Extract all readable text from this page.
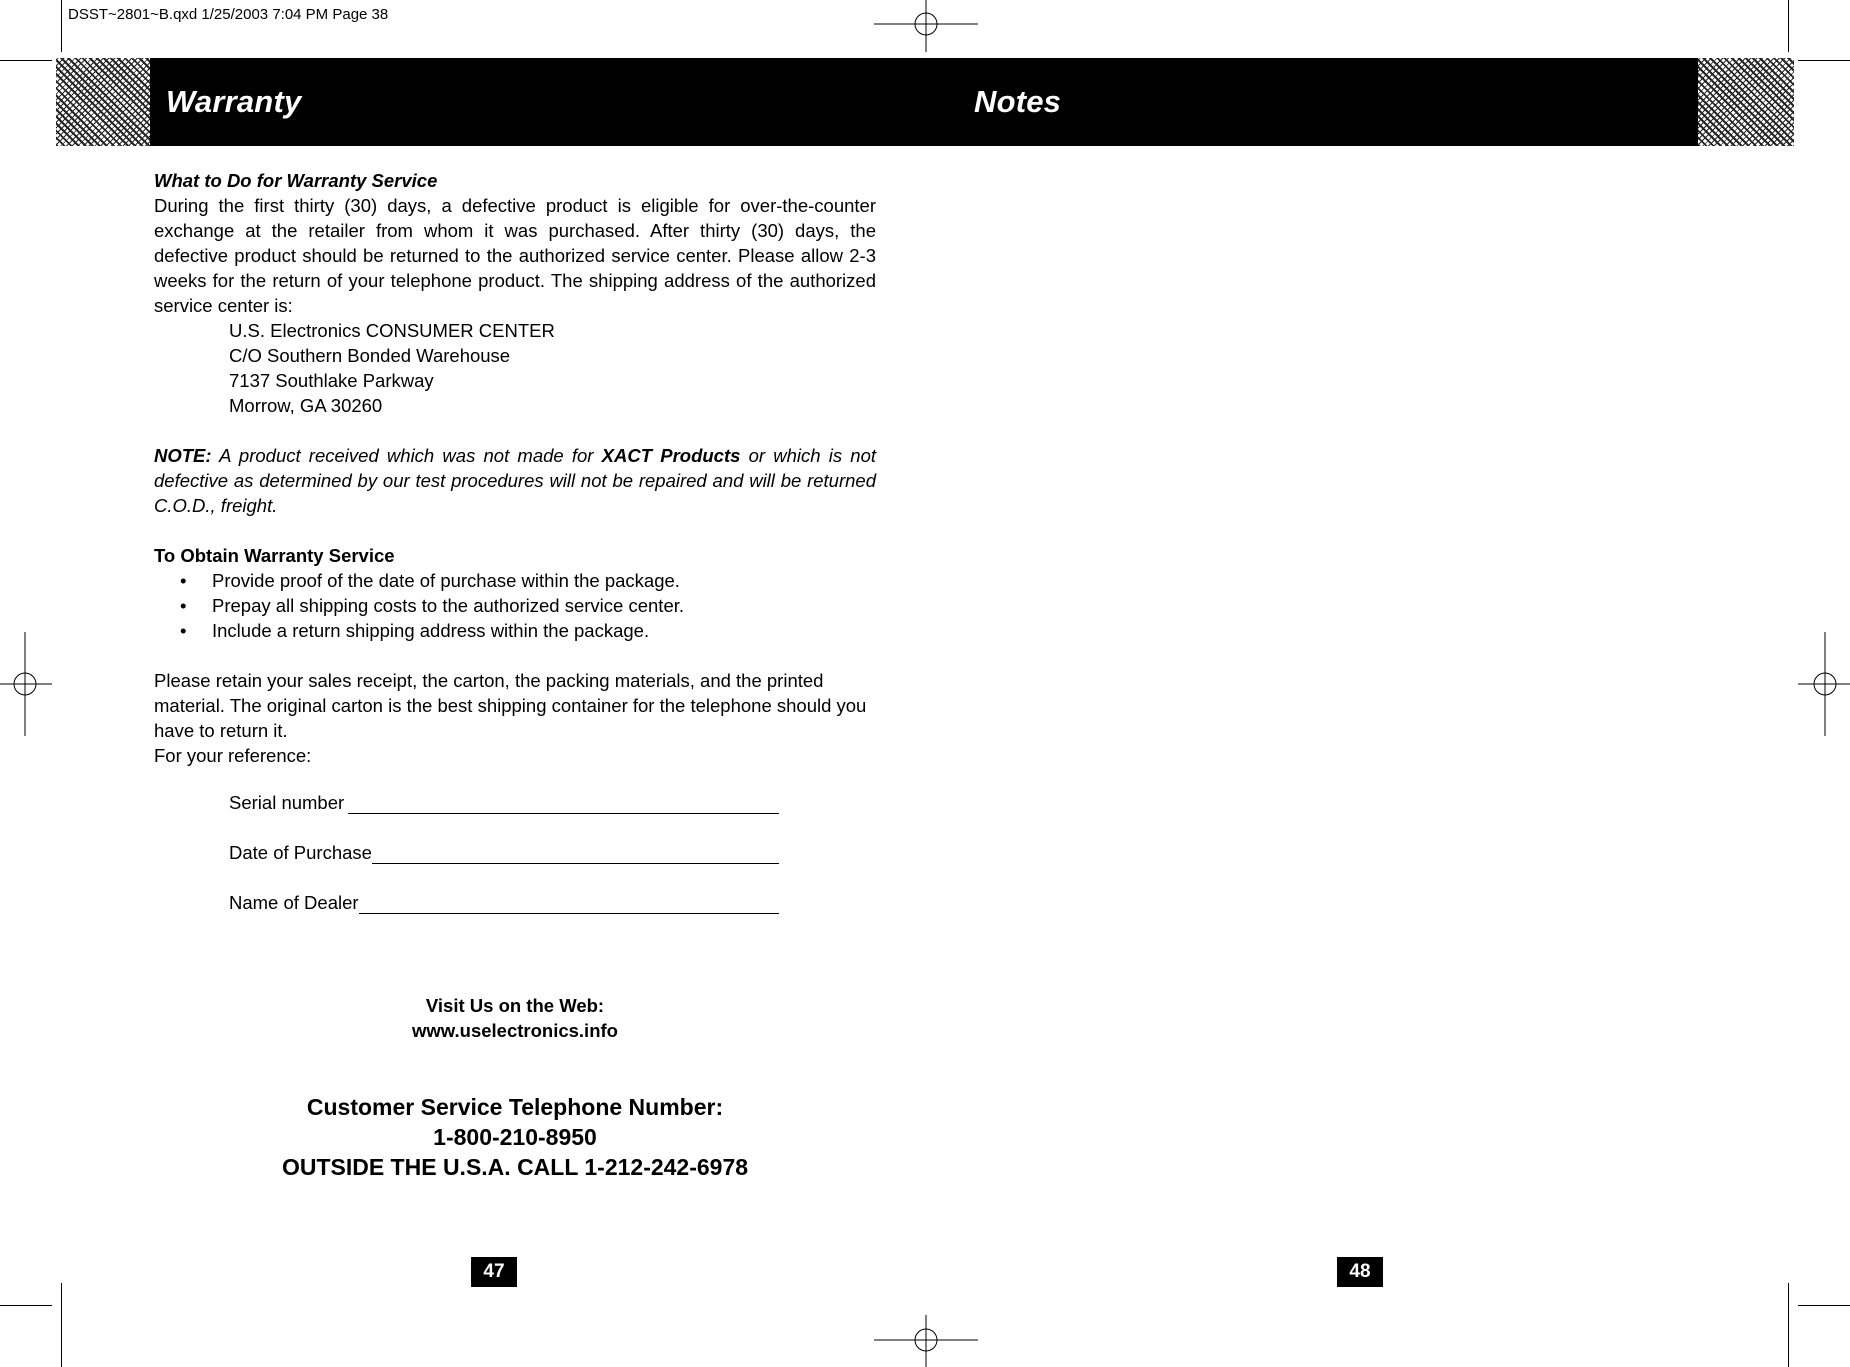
DSST~2801~B.qxd 1/25/2003 7:04 PM Page 38
Warranty	Notes
What to Do for Warranty Service
During the first thirty (30) days, a defective product is eligible for over-the-counter exchange at the retailer from whom it was purchased. After thirty (30) days, the defective product should be returned to the authorized service center. Please allow 2-3 weeks for the return of your telephone product. The shipping address of the authorized service center is:
U.S. Electronics CONSUMER CENTER
C/O Southern Bonded Warehouse
7137 Southlake Parkway
Morrow, GA 30260
NOTE: A product received which was not made for XACT Products or which is not defective as determined by our test procedures will not be repaired and will be returned C.O.D., freight.
To Obtain Warranty Service
•	Provide proof of the date of purchase within the package.
•	Prepay all shipping costs to the authorized service center.
•	Include a return shipping address within the package.
Please retain your sales receipt, the carton, the packing materials, and the printed material. The original carton is the best shipping container for the telephone should you have to return it.
For your reference:
Serial number
Date of Purchase
Name of Dealer
Visit Us on the Web:
www.uselectronics.info
Customer Service Telephone Number:
1-800-210-8950
OUTSIDE THE U.S.A. CALL 1-212-242-6978
47	48
